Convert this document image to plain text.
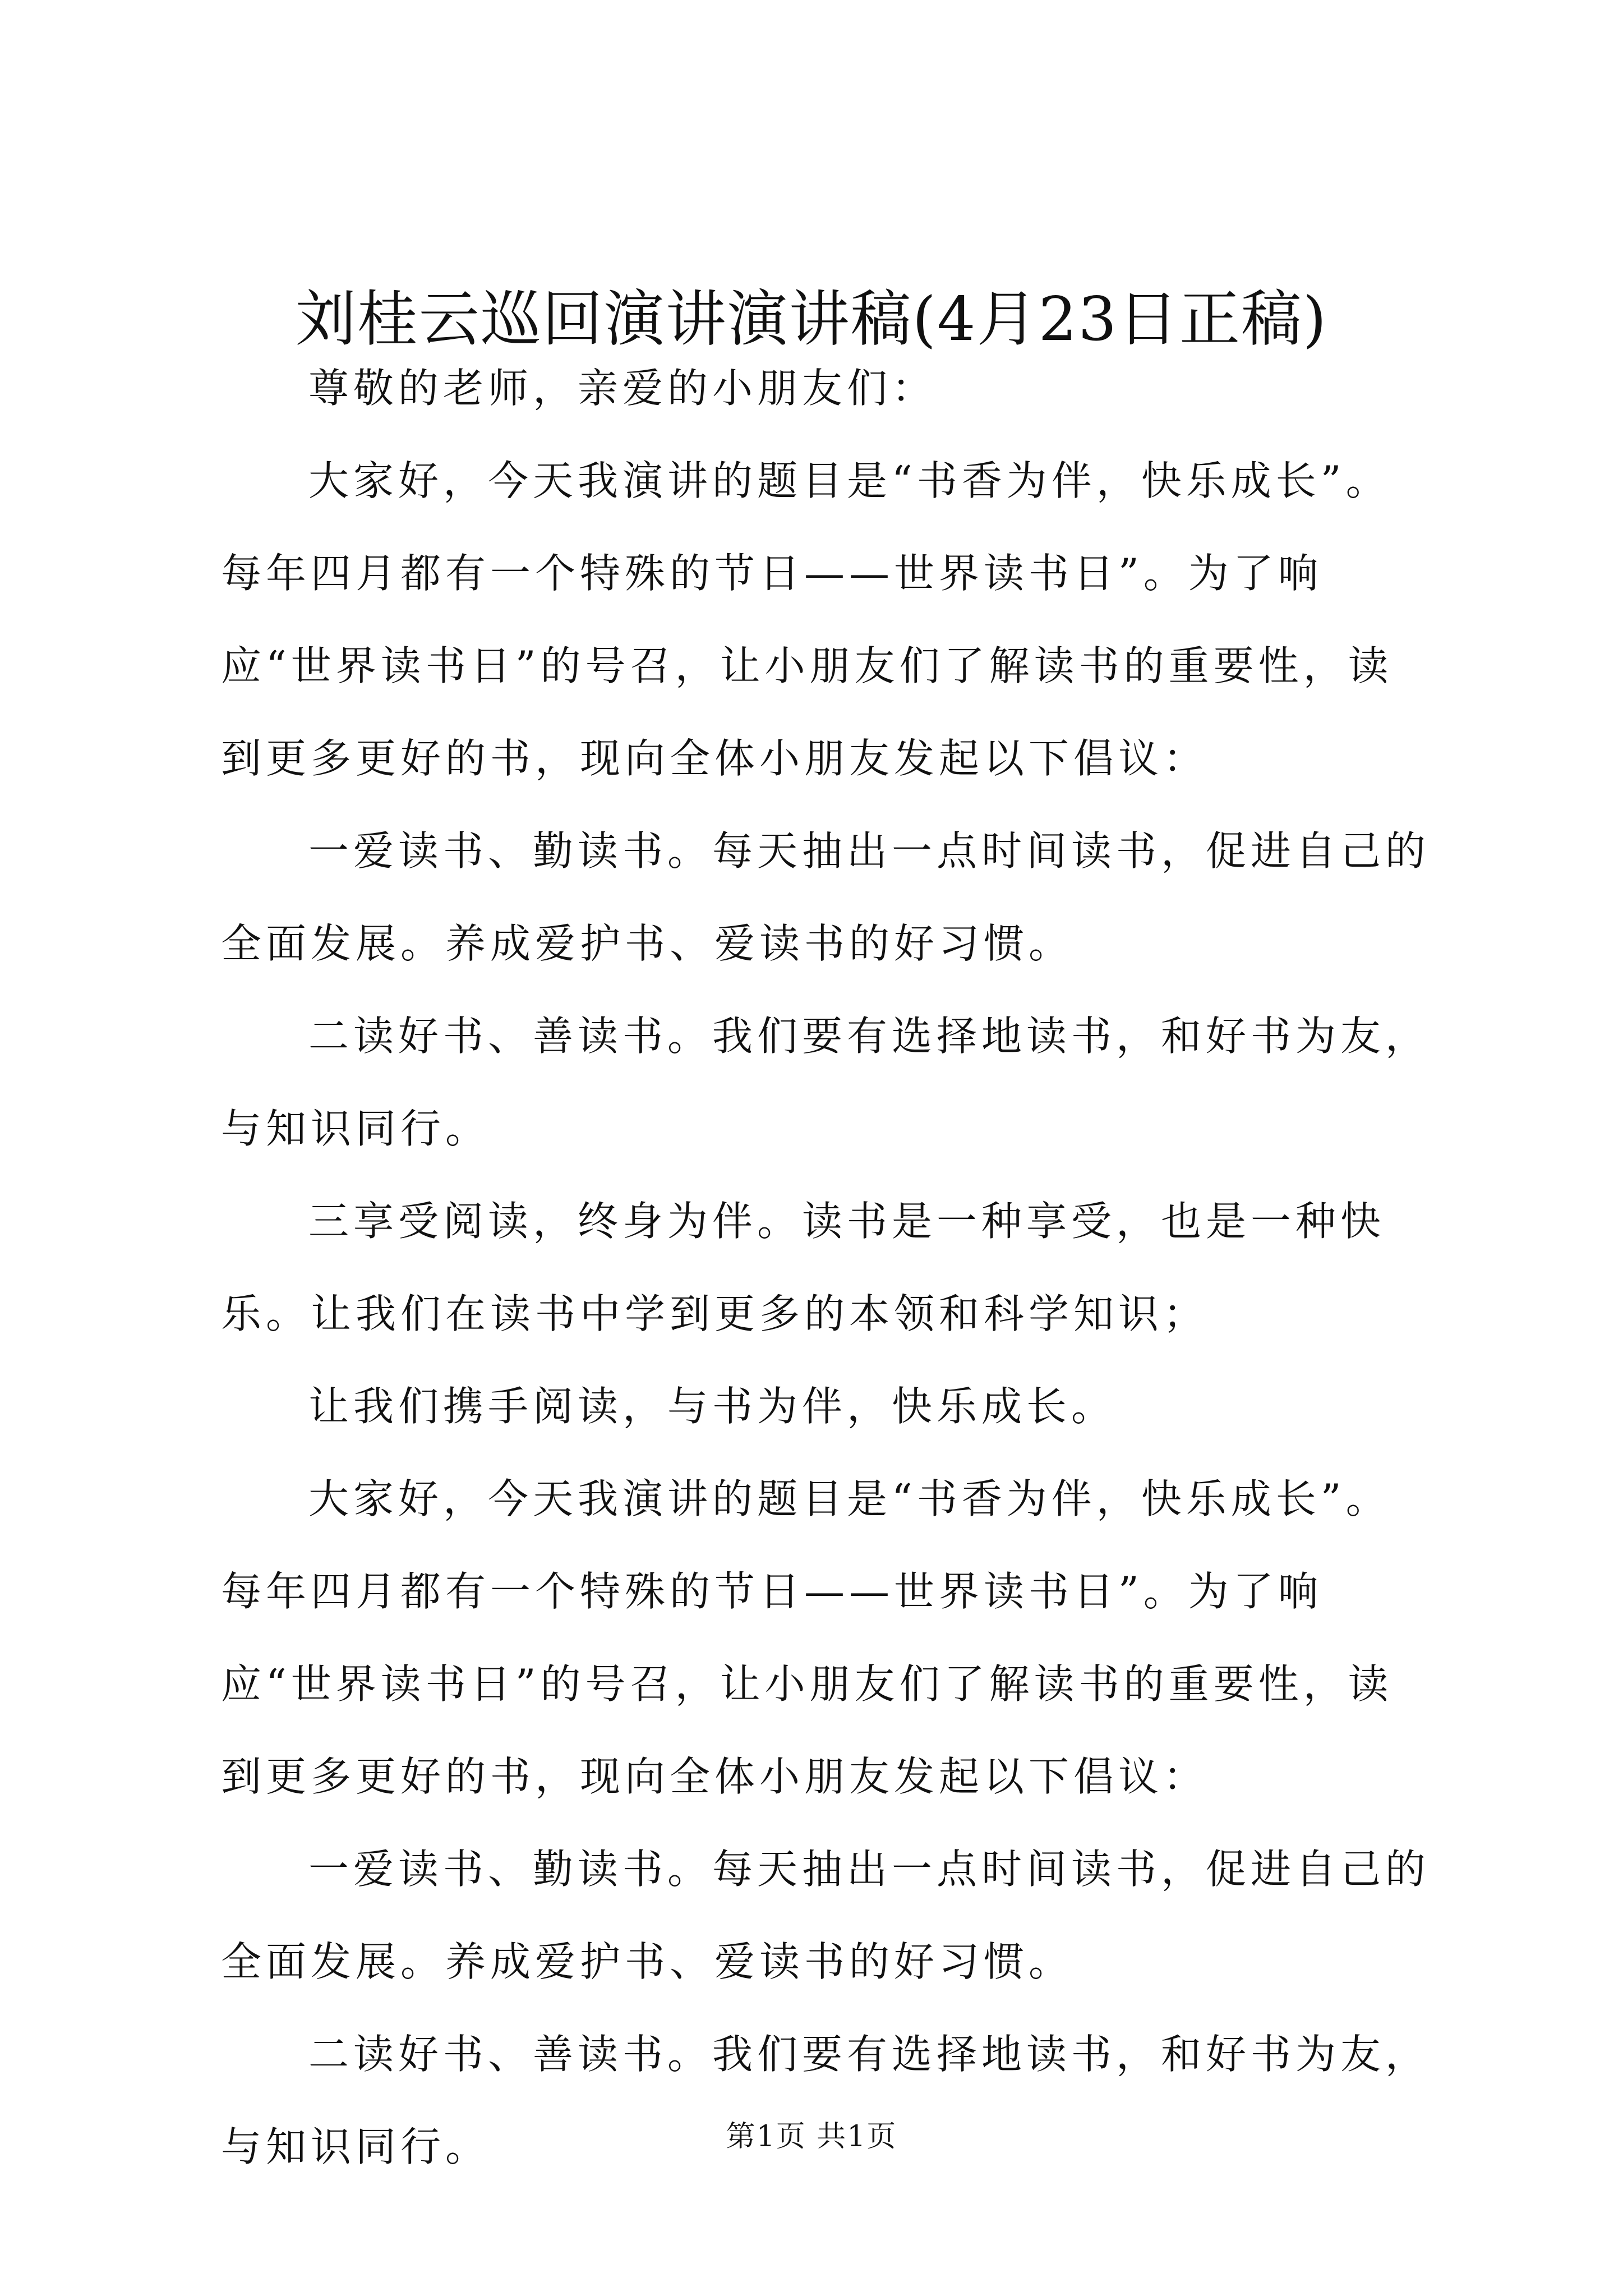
刘桂云巡回演讲演讲稿(4月23日正稿)

尊敬的老师，亲爱的小朋友们：

大家好，今天我演讲的题目是“书香为伴，快乐成长”。每年四月都有一个特殊的节日——世界读书日”。为了响应“世界读书日”的号召，让小朋友们了解读书的重要性，读到更多更好的书，现向全体小朋友发起以下倡议：

一爱读书、勤读书。每天抽出一点时间读书，促进自己的全面发展。养成爱护书、爱读书的好习惯。

二读好书、善读书。我们要有选择地读书，和好书为友，与知识同行。

三享受阅读，终身为伴。读书是一种享受，也是一种快乐。让我们在读书中学到更多的本领和科学知识；

让我们携手阅读，与书为伴，快乐成长。

大家好，今天我演讲的题目是“书香为伴，快乐成长”。每年四月都有一个特殊的节日——世界读书日”。为了响应“世界读书日”的号召，让小朋友们了解读书的重要性，读到更多更好的书，现向全体小朋友发起以下倡议：

一爱读书、勤读书。每天抽出一点时间读书，促进自己的全面发展。养成爱护书、爱读书的好习惯。

二读好书、善读书。我们要有选择地读书，和好书为友，与知识同行。	第1页 共1页
